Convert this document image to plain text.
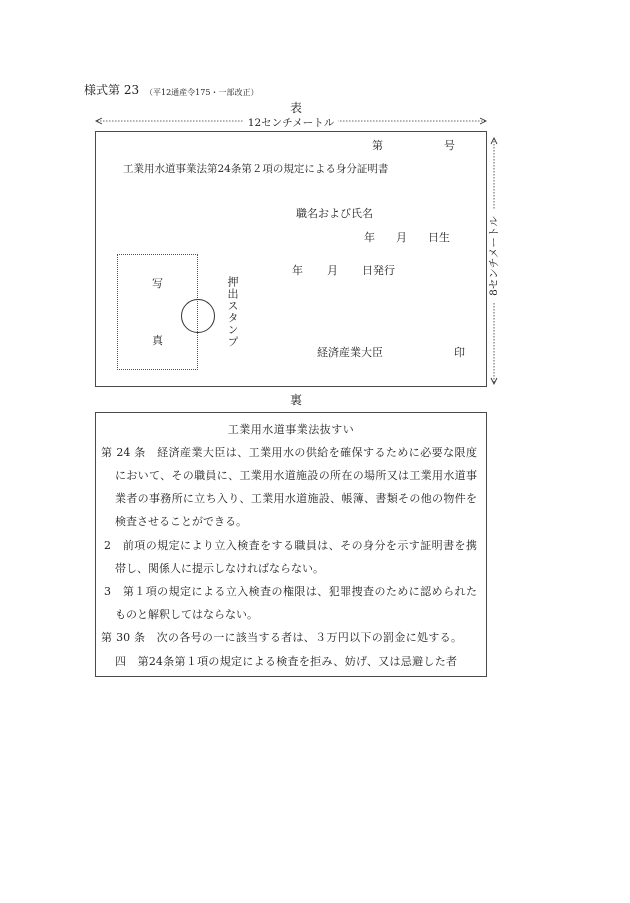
様式第 23 （平12通産令175・一部改正）
表
12センチメートル
8センチメートル
第	号
工業用水道事業法第24条第２項の規定による身分証明書
職名および氏名
年 月 日生
写
真	押出スタンプ
年 月 日発行
経済産業大臣	印
裏
工業用水道事業法抜すい
第 24 条　経済産業大臣は、工業用水の供給を確保するために必要な限度
において、その職員に、工業用水道施設の所在の場所又は工業用水道事
業者の事務所に立ち入り、工業用水道施設、帳簿、書類その他の物件を
検査させることができる。
2　前項の規定により立入検査をする職員は、その身分を示す証明書を携
帯し、関係人に提示しなければならない。
3　第１項の規定による立入検査の権限は、犯罪捜査のために認められた
ものと解釈してはならない。
第 30 条　次の各号の一に該当する者は、３万円以下の罰金に処する。
四　第24条第１項の規定による検査を拒み、妨げ、又は忌避した者
